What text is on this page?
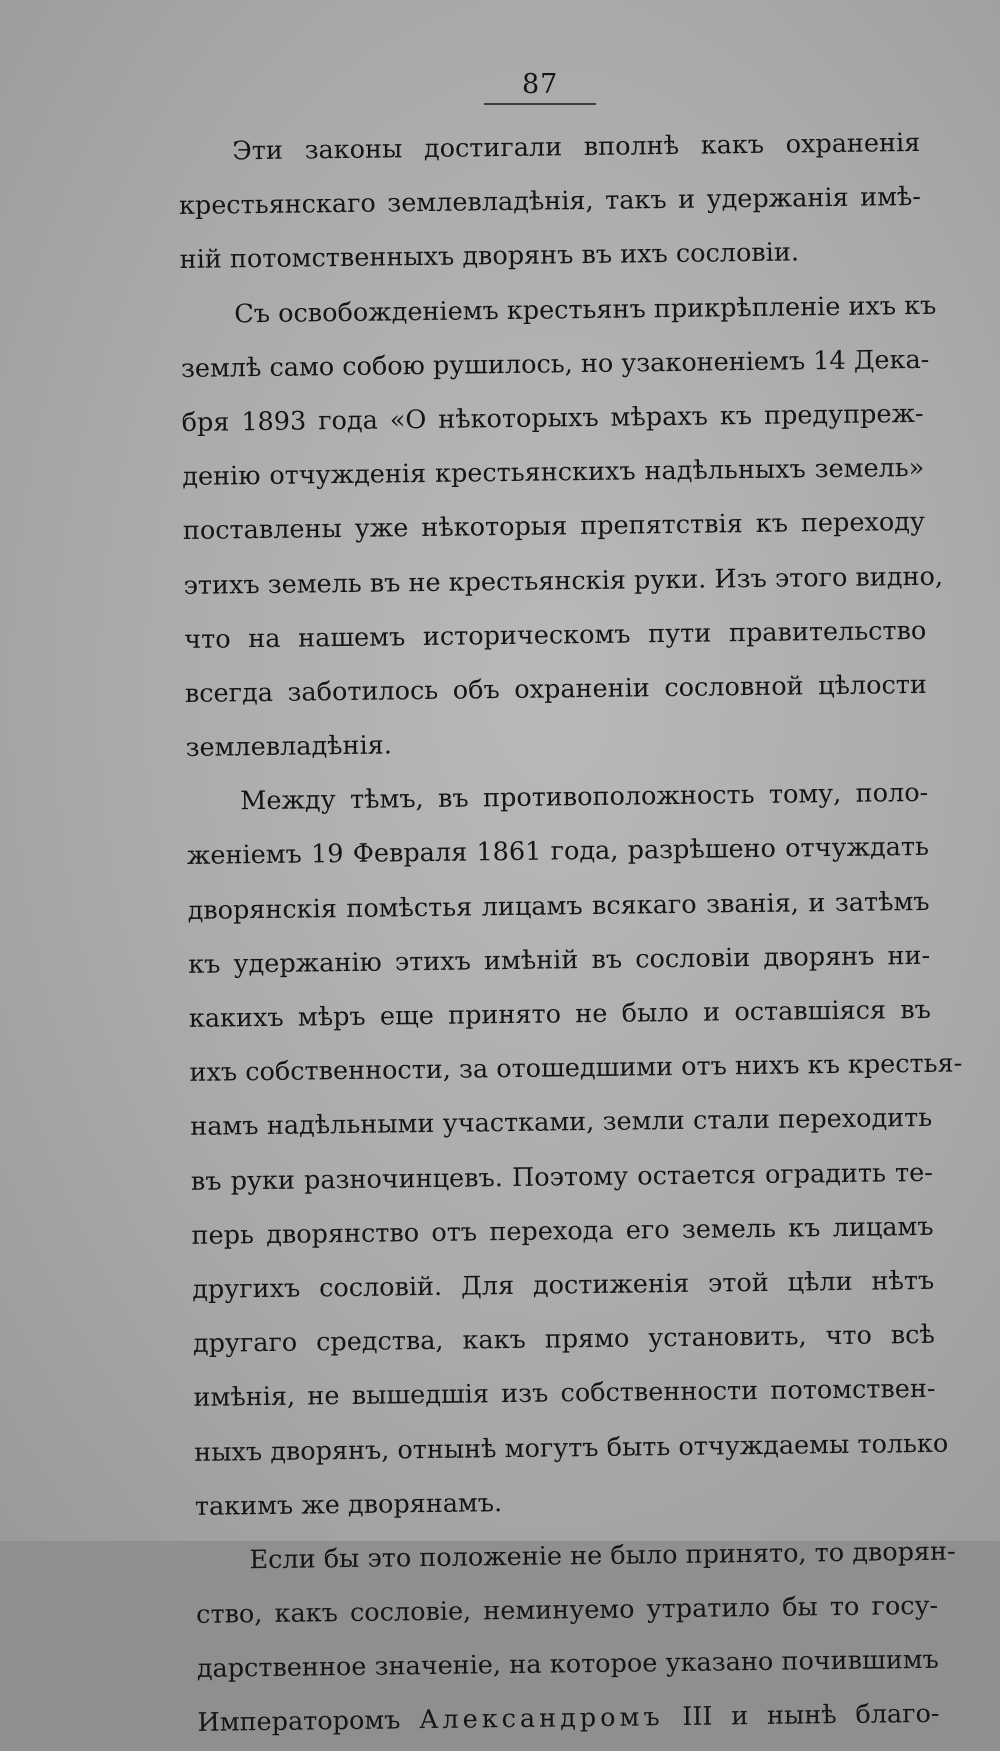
87

Эти законы достигали вполнѣ какъ охраненія
крестьянскаго землевладѣнія, такъ и удержанія имѣ-
ній потомственныхъ дворянъ въ ихъ сословіи.

Съ освобожденіемъ крестьянъ прикрѣпленіе ихъ къ
землѣ само собою рушилось, но узаконеніемъ 14 Дека-
бря 1893 года «О нѣкоторыхъ мѣрахъ къ предупреж-
денію отчужденія крестьянскихъ надѣльныхъ земель»
поставлены уже нѣкоторыя препятствія къ переходу
этихъ земель въ не крестьянскія руки. Изъ этого видно,
что на нашемъ историческомъ пути правительство
всегда заботилось объ охраненіи сословной цѣлости
землевладѣнія.

Между тѣмъ, въ противоположность тому, поло-
женіемъ 19 Февраля 1861 года, разрѣшено отчуждать
дворянскія помѣстья лицамъ всякаго званія, и затѣмъ
къ удержанію этихъ имѣній въ сословіи дворянъ ни-
какихъ мѣръ еще принято не было и оставшіяся въ
ихъ собственности, за отошедшими отъ нихъ къ крестья-
намъ надѣльными участками, земли стали переходить
въ руки разночинцевъ. Поэтому остается оградить те-
перь дворянство отъ перехода его земель къ лицамъ
другихъ сословій. Для достиженія этой цѣли нѣтъ
другаго средства, какъ прямо установить, что всѣ
имѣнія, не вышедшія изъ собственности потомствен-
ныхъ дворянъ, отнынѣ могутъ быть отчуждаемы только
такимъ же дворянамъ.

Если бы это положеніе не было принято, то дворян-
ство, какъ сословіе, неминуемо утратило бы то госу-
дарственное значеніе, на которое указано почившимъ
Императоромъ Александромъ III и нынѣ благо-
